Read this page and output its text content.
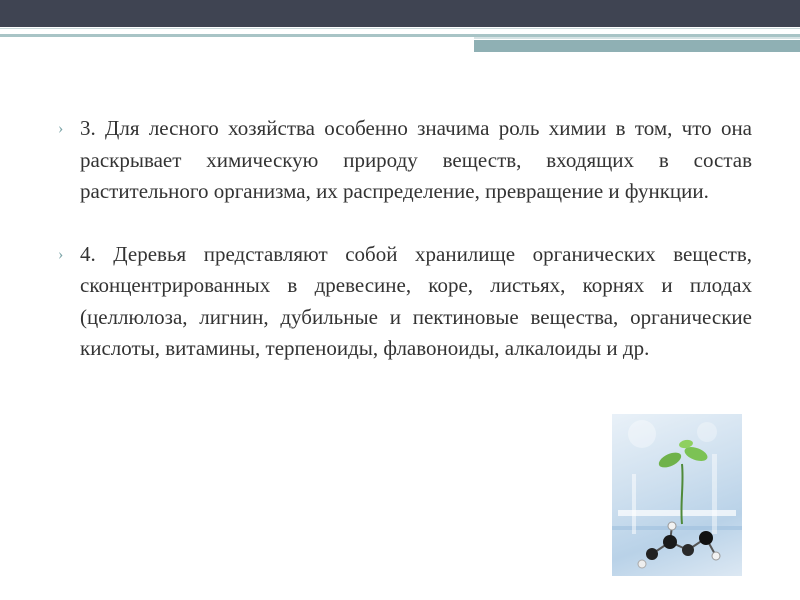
› 3. Для лесного хозяйства особенно значима роль химии в том, что она раскрывает химическую природу веществ, входящих в состав растительного организма, их распределение, превращение и функции.
› 4. Деревья представляют собой хранилище органических веществ, сконцентрированных в древесине, коре, листьях, корнях и плодах (целлюлоза, лигнин, дубильные и пектиновые вещества, органические кислоты, витамины, терпеноиды, флавоноиды, алкалоиды и др.
